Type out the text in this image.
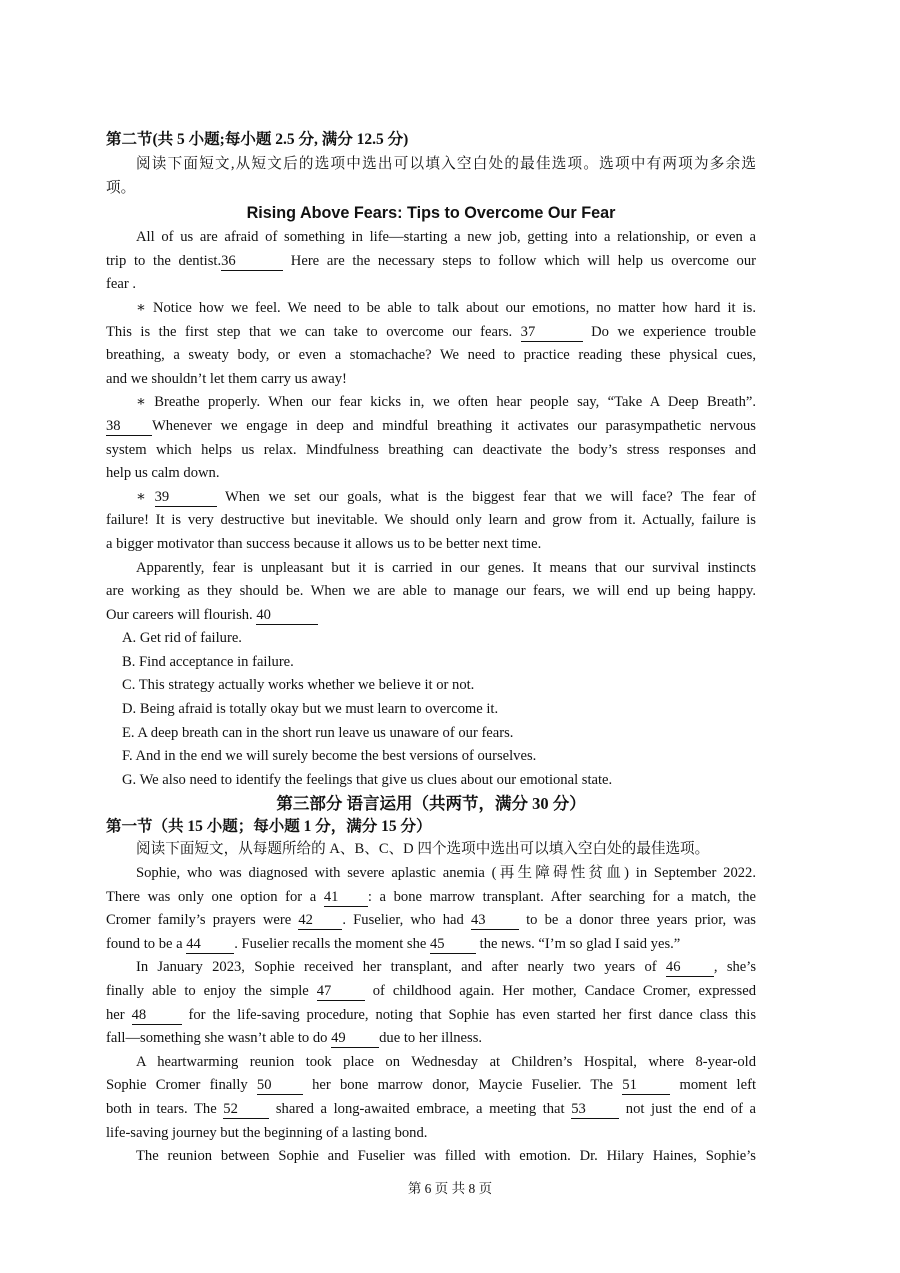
第二节(共 5 小题;每小题 2.5 分, 满分 12.5 分)
阅读下面短文,从短文后的选项中选出可以填入空白处的最佳选项。选项中有两项为多余选
项。
Rising Above Fears: Tips to Overcome Our Fear
All of us are afraid of something in life—starting a new job, getting into a relationship, or even a
trip to the dentist.36	Here are the necessary steps to follow which will help us overcome our
fear .
∗ Notice how we feel. We need to be able to talk about our emotions, no matter how hard it is.
This is the first step that we can take to overcome our fears. 37	Do we experience trouble
breathing, a sweaty body, or even a stomachache? We need to practice reading these physical cues,
and we shouldn’t let them carry us away!
∗ Breathe properly. When our fear kicks in, we often hear people say, “Take A Deep Breath”.
38 Whenever we engage in deep and mindful breathing it activates our parasympathetic nervous
system which helps us relax. Mindfulness breathing can deactivate the body’s stress responses and
help us calm down.
∗ 39	When we set our goals, what is the biggest fear that we will face? The fear of
failure! It is very destructive but inevitable. We should only learn and grow from it. Actually, failure is
a bigger motivator than success because it allows us to be better next time.
Apparently, fear is unpleasant but it is carried in our genes. It means that our survival instincts
are working as they should be. When we are able to manage our fears, we will end up being happy.
Our careers will flourish. 40
A. Get rid of failure.
B. Find acceptance in failure.
C. This strategy actually works whether we believe it or not.
D. Being afraid is totally okay but we must learn to overcome it.
E. A deep breath can in the short run leave us unaware of our fears.
F. And in the end we will surely become the best versions of ourselves.
G. We also need to identify the feelings that give us clues about our emotional state.
第三部分 语言运用（共两节，满分 30 分）
第一节（共 15 小题；每小题 1 分，满分 15 分）
阅读下面短文，从每题所给的 A、B、C、D 四个选项中选出可以填入空白处的最佳选项。
Sophie, who was diagnosed with severe aplastic anemia (再生障碍性贫血) in September 2022.
There was only one option for a 41 : a bone marrow transplant. After searching for a match, the
Cromer family’s prayers were 42 . Fuselier, who had 43 to be a donor three years prior, was
found to be a 44 . Fuselier recalls the moment she 45 the news. “I’m so glad I said yes.”
In January 2023, Sophie received her transplant, and after nearly two years of 46 , she’s
finally able to enjoy the simple 47 of childhood again. Her mother, Candace Cromer, expressed
her 48 for the life-saving procedure, noting that Sophie has even started her first dance class this
fall—something she wasn’t able to do 49 due to her illness.
A heartwarming reunion took place on Wednesday at Children’s Hospital, where 8-year-old
Sophie Cromer finally 50 her bone marrow donor, Maycie Fuselier. The 51 moment left
both in tears. The 52 shared a long-awaited embrace, a meeting that 53 not just the end of a
life-saving journey but the beginning of a lasting bond.
The reunion between Sophie and Fuselier was filled with emotion. Dr. Hilary Haines, Sophie’s
第 6 页 共 8 页
